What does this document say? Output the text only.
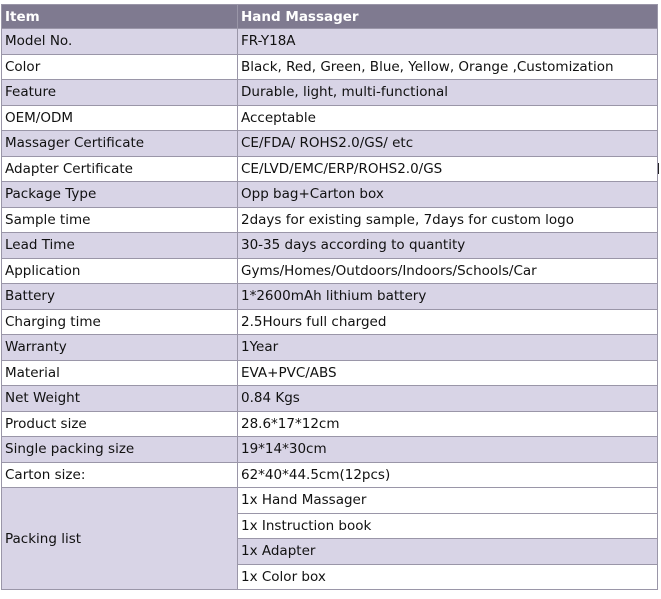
Item	Hand Massager
Model No.	FR-Y18A
Color	Black, Red, Green, Blue, Yellow, Orange ,Customization
Feature	Durable, light, multi-functional
OEM/ODM	Acceptable
Massager Certificate	CE/FDA/ ROHS2.0/GS/ etc
Adapter Certificate	CE/LVD/EMC/ERP/ROHS2.0/GS
Package Type	Opp bag+Carton box
Sample time	2days for existing sample, 7days for custom logo
Lead Time	30-35 days according to quantity
Application	Gyms/Homes/Outdoors/Indoors/Schools/Car
Battery	1*2600mAh lithium battery
Charging time	2.5Hours full charged
Warranty	1Year
Material	EVA+PVC/ABS
Net Weight	0.84 Kgs
Product size	28.6*17*12cm
Single packing size	19*14*30cm
Carton size:	62*40*44.5cm(12pcs)
Packing list	1x Hand Massager
	1x Instruction book
	1x Adapter
	1x Color box
